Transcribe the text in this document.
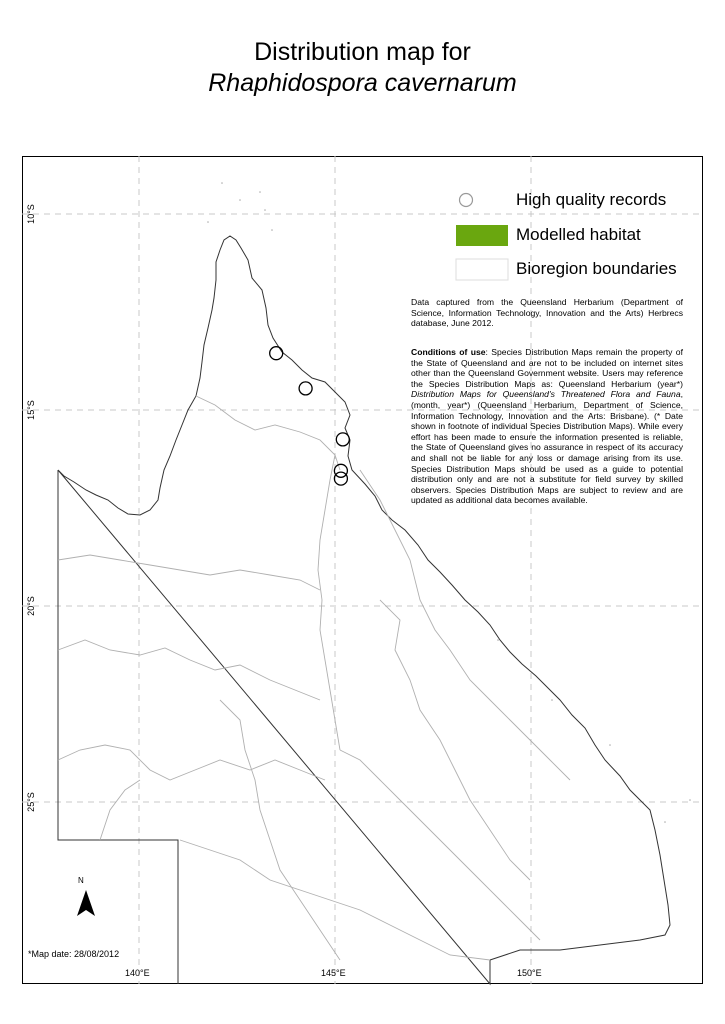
Distribution map for
Rhaphidospora cavernarum
High quality records
Modelled habitat
Bioregion boundaries
Data captured from the Queensland Herbarium (Department of Science, Information Technology, Innovation and the Arts) Herbrecs database, June 2012.
Conditions of use: Species Distribution Maps remain the property of the State of Queensland and are not to be included on internet sites other than the Queensland Government website. Users may reference the Species Distribution Maps as: Queensland Herbarium (year*) Distribution Maps for Queensland's Threatened Flora and Fauna, (month, year*) (Queensland Herbarium, Department of Science, Information Technology, Innovation and the Arts: Brisbane). (* Date shown in footnote of individual Species Distribution Maps). While every effort has been made to ensure the information presented is reliable, the State of Queensland gives no assurance in respect of its accuracy and shall not be liable for any loss or damage arising from its use. Species Distribution Maps should be used as a guide to potential distribution only and are not a substitute for field survey by skilled observers. Species Distribution Maps are subject to review and are updated as additional data becomes available.
10°S
15°S
20°S
25°S
140°E	145°E	150°E
N
*Map date: 28/08/2012
